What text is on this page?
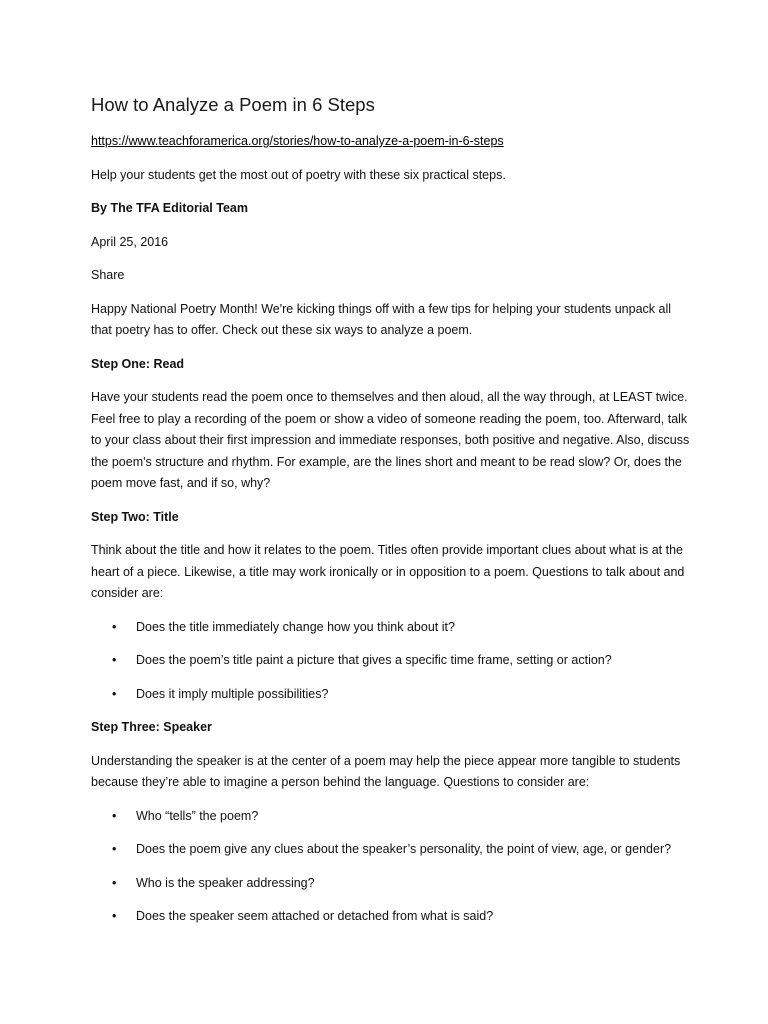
How to Analyze a Poem in 6 Steps

https://www.teachforamerica.org/stories/how-to-analyze-a-poem-in-6-steps

Help your students get the most out of poetry with these six practical steps.

By The TFA Editorial Team

April 25, 2016

Share

Happy National Poetry Month! We're kicking things off with a few tips for helping your students unpack all that poetry has to offer. Check out these six ways to analyze a poem.

Step One: Read

Have your students read the poem once to themselves and then aloud, all the way through, at LEAST twice. Feel free to play a recording of the poem or show a video of someone reading the poem, too. Afterward, talk to your class about their first impression and immediate responses, both positive and negative. Also, discuss the poem's structure and rhythm. For example, are the lines short and meant to be read slow? Or, does the poem move fast, and if so, why?

Step Two: Title

Think about the title and how it relates to the poem. Titles often provide important clues about what is at the heart of a piece. Likewise, a title may work ironically or in opposition to a poem. Questions to talk about and consider are:

• Does the title immediately change how you think about it?
• Does the poem’s title paint a picture that gives a specific time frame, setting or action?
• Does it imply multiple possibilities?

Step Three: Speaker

Understanding the speaker is at the center of a poem may help the piece appear more tangible to students because they’re able to imagine a person behind the language. Questions to consider are:

• Who “tells” the poem?
• Does the poem give any clues about the speaker’s personality, the point of view, age, or gender?
• Who is the speaker addressing?
• Does the speaker seem attached or detached from what is said?
